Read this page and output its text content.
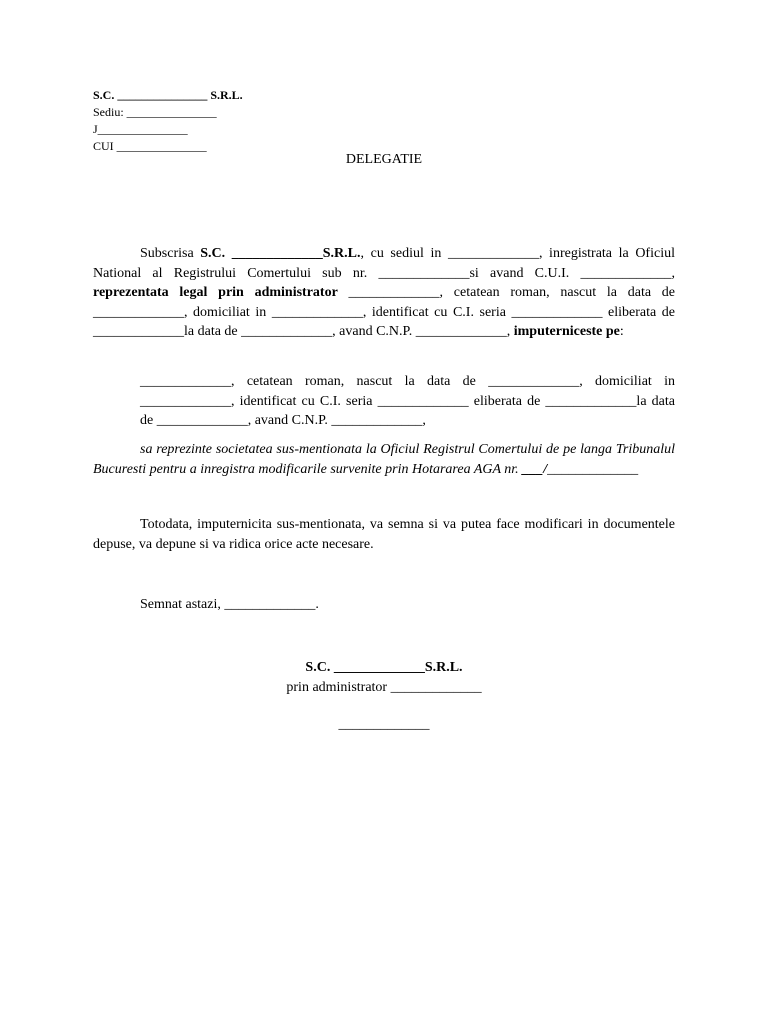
S.C. _______________ S.R.L.
Sediu: _______________
J_______________
CUI _______________
DELEGATIE
Subscrisa S.C. _____________S.R.L., cu sediul in _____________, inregistrata la Oficiul National al Registrului Comertului sub nr. _____________si avand C.U.I. _____________, reprezentata legal prin administrator _____________, cetatean roman, nascut la data de _____________, domiciliat in _____________, identificat cu C.I. seria _____________ eliberata de _____________la data de _____________, avand C.N.P. _____________, imputerniceste pe:
_____________, cetatean roman, nascut la data de _____________, domiciliat in _____________, identificat cu C.I. seria _____________ eliberata de _____________la data de _____________, avand C.N.P. _____________,
sa reprezinte societatea sus-mentionata la Oficiul Registrul Comertului de pe langa Tribunalul Bucuresti pentru a inregistra modificarile survenite prin Hotararea AGA nr. ___/_____________
Totodata, imputernicita sus-mentionata, va semna si va putea face modificari in documentele depuse, va depune si va ridica orice acte necesare.
Semnat astazi, _____________.
S.C. _____________S.R.L.
prin administrator _____________
_____________
